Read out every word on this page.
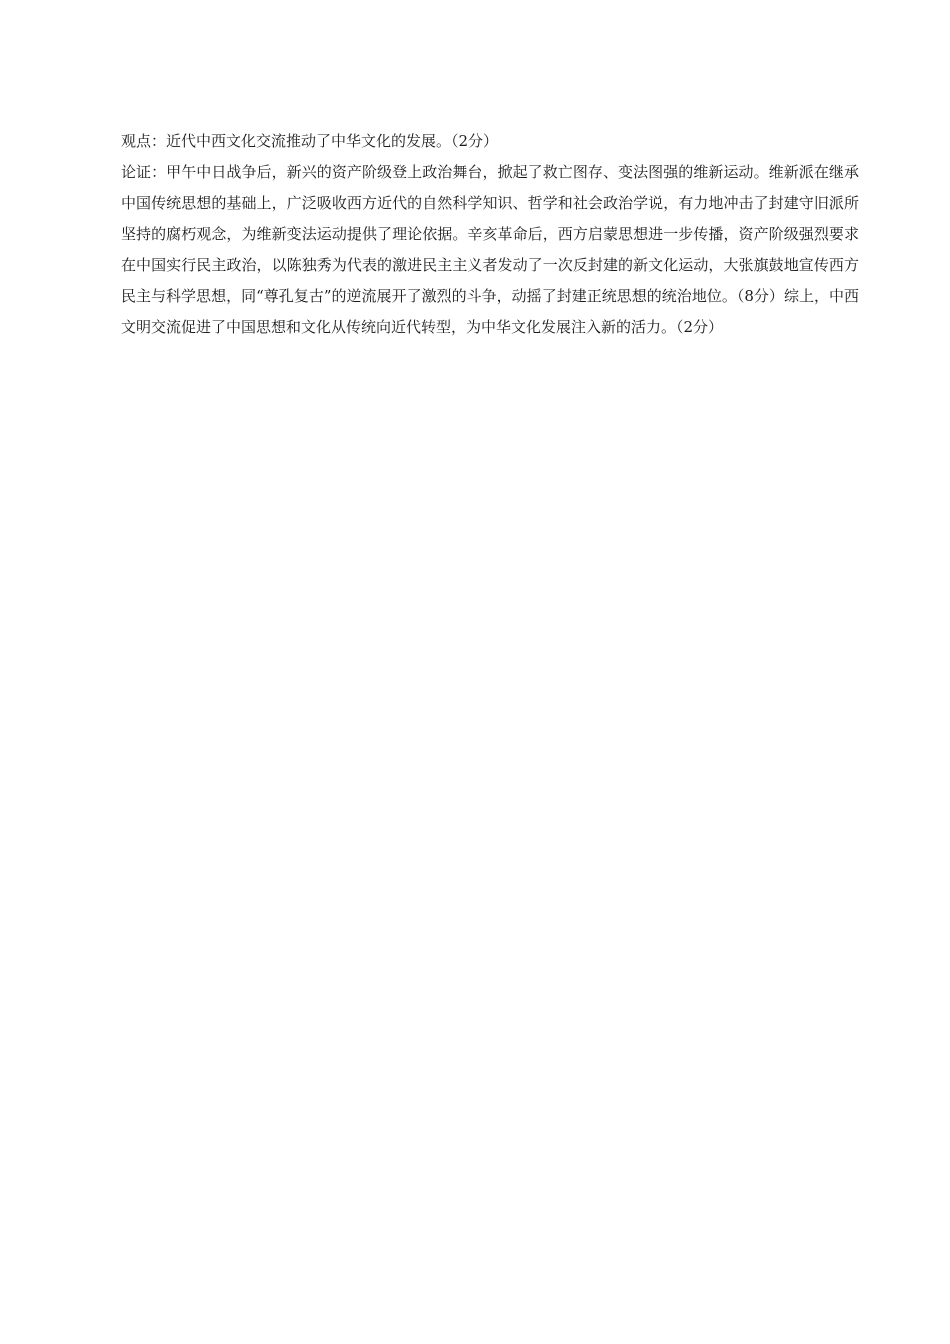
观点：近代中西文化交流推动了中华文化的发展。（2分）

论证：甲午中日战争后，新兴的资产阶级登上政治舞台，掀起了救亡图存、变法图强的维新运动。维新派在继承中国传统思想的基础上，广泛吸收西方近代的自然科学知识、哲学和社会政治学说，有力地冲击了封建守旧派所坚持的腐朽观念，为维新变法运动提供了理论依据。辛亥革命后，西方启蒙思想进一步传播，资产阶级强烈要求在中国实行民主政治，以陈独秀为代表的激进民主主义者发动了一次反封建的新文化运动，大张旗鼓地宣传西方民主与科学思想，同“尊孔复古”的逆流展开了激烈的斗争，动摇了封建正统思想的统治地位。（8分）综上，中西文明交流促进了中国思想和文化从传统向近代转型，为中华文化发展注入新的活力。（2分）
